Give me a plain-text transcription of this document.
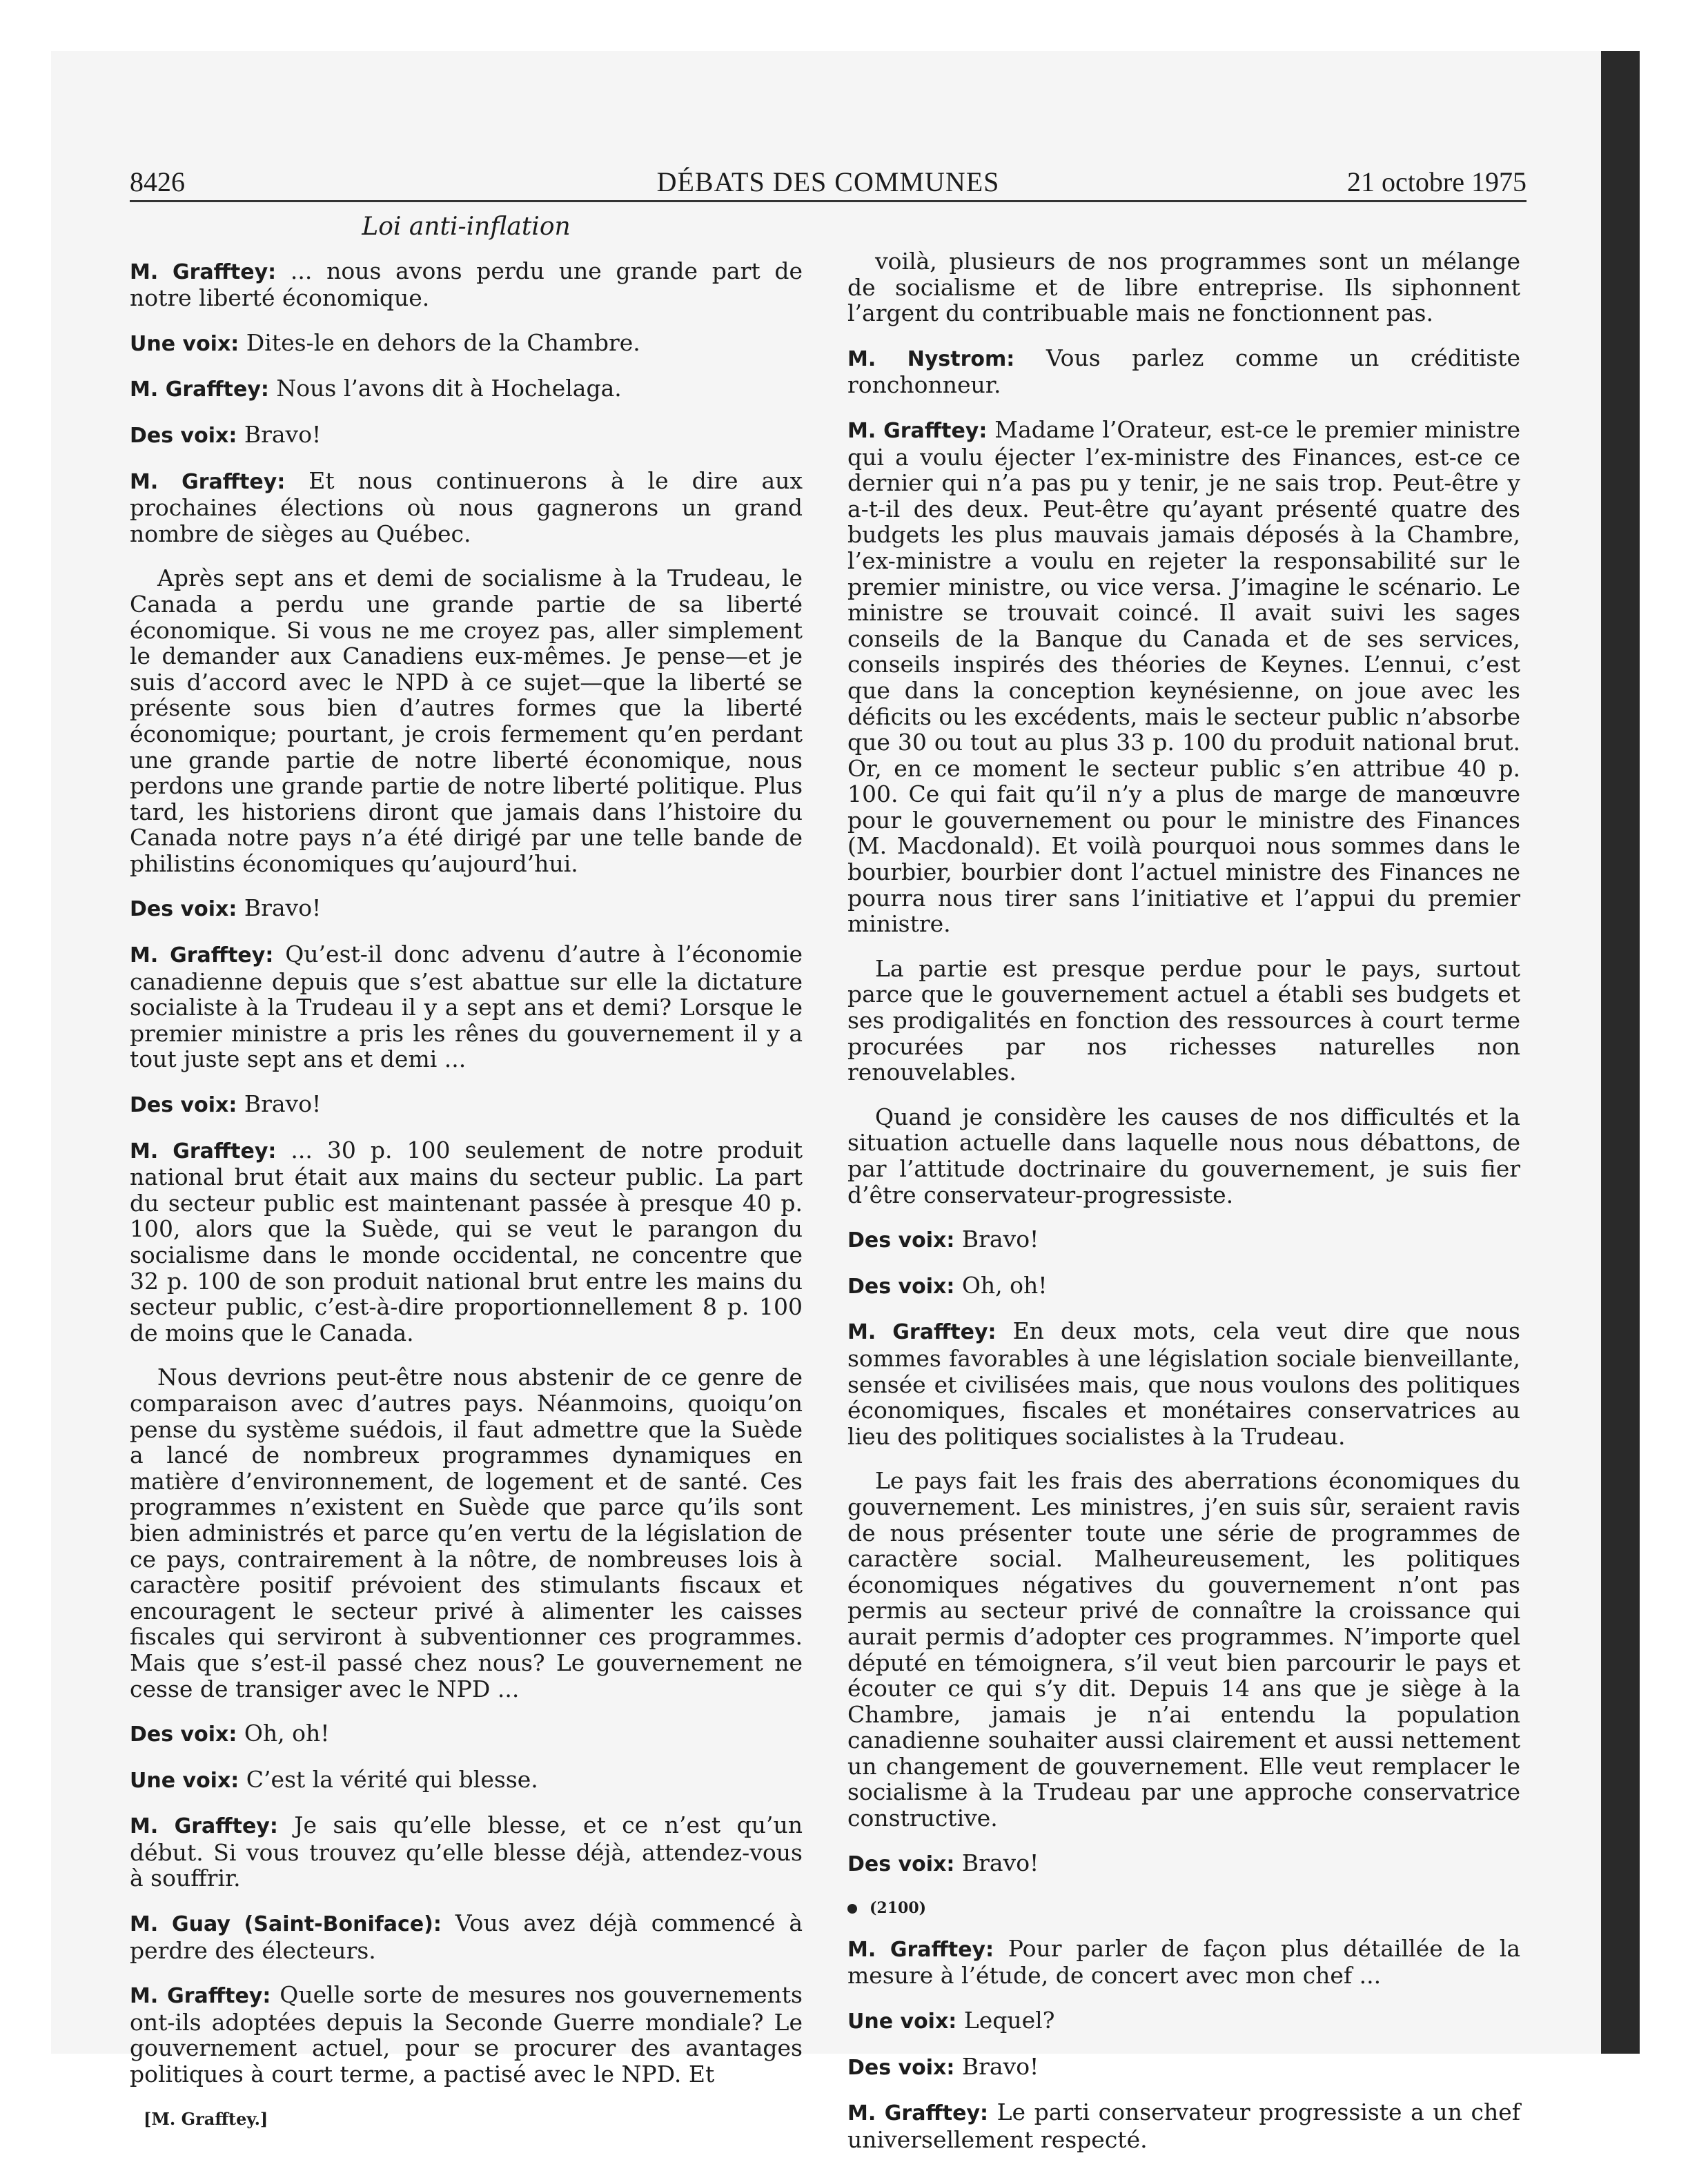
8426	DÉBATS DES COMMUNES	21 octobre 1975
Loi anti-inflation
M. Grafftey: ... nous avons perdu une grande part de notre liberté économique.
Une voix: Dites-le en dehors de la Chambre.
M. Grafftey: Nous l’avons dit à Hochelaga.
Des voix: Bravo!
M. Grafftey: Et nous continuerons à le dire aux prochaines élections où nous gagnerons un grand nombre de sièges au Québec.
Après sept ans et demi de socialisme à la Trudeau, le Canada a perdu une grande partie de sa liberté économique. Si vous ne me croyez pas, aller simplement le demander aux Canadiens eux-mêmes. Je pense—et je suis d’accord avec le NPD à ce sujet—que la liberté se présente sous bien d’autres formes que la liberté économique; pourtant, je crois fermement qu’en perdant une grande partie de notre liberté économique, nous perdons une grande partie de notre liberté politique. Plus tard, les historiens diront que jamais dans l’histoire du Canada notre pays n’a été dirigé par une telle bande de philistins économiques qu’aujourd’hui.
Des voix: Bravo!
M. Grafftey: Qu’est-il donc advenu d’autre à l’économie canadienne depuis que s’est abattue sur elle la dictature socialiste à la Trudeau il y a sept ans et demi? Lorsque le premier ministre a pris les rênes du gouvernement il y a tout juste sept ans et demi ...
Des voix: Bravo!
M. Grafftey: ... 30 p. 100 seulement de notre produit national brut était aux mains du secteur public. La part du secteur public est maintenant passée à presque 40 p. 100, alors que la Suède, qui se veut le parangon du socialisme dans le monde occidental, ne concentre que 32 p. 100 de son produit national brut entre les mains du secteur public, c’est-à-dire proportionnellement 8 p. 100 de moins que le Canada.
Nous devrions peut-être nous abstenir de ce genre de comparaison avec d’autres pays. Néanmoins, quoiqu’on pense du système suédois, il faut admettre que la Suède a lancé de nombreux programmes dynamiques en matière d’environnement, de logement et de santé. Ces programmes n’existent en Suède que parce qu’ils sont bien administrés et parce qu’en vertu de la législation de ce pays, contrairement à la nôtre, de nombreuses lois à caractère positif prévoient des stimulants fiscaux et encouragent le secteur privé à alimenter les caisses fiscales qui serviront à subventionner ces programmes. Mais que s’est-il passé chez nous? Le gouvernement ne cesse de transiger avec le NPD ...
Des voix: Oh, oh!
Une voix: C’est la vérité qui blesse.
M. Grafftey: Je sais qu’elle blesse, et ce n’est qu’un début. Si vous trouvez qu’elle blesse déjà, attendez-vous à souffrir.
M. Guay (Saint-Boniface): Vous avez déjà commencé à perdre des électeurs.
M. Grafftey: Quelle sorte de mesures nos gouvernements ont-ils adoptées depuis la Seconde Guerre mondiale? Le gouvernement actuel, pour se procurer des avantages politiques à court terme, a pactisé avec le NPD. Et
[M. Grafftey.]
voilà, plusieurs de nos programmes sont un mélange de socialisme et de libre entreprise. Ils siphonnent l’argent du contribuable mais ne fonctionnent pas.
M. Nystrom: Vous parlez comme un créditiste ronchonneur.
M. Grafftey: Madame l’Orateur, est-ce le premier ministre qui a voulu éjecter l’ex-ministre des Finances, est-ce ce dernier qui n’a pas pu y tenir, je ne sais trop. Peut-être y a-t-il des deux. Peut-être qu’ayant présenté quatre des budgets les plus mauvais jamais déposés à la Chambre, l’ex-ministre a voulu en rejeter la responsabilité sur le premier ministre, ou vice versa. J’imagine le scénario. Le ministre se trouvait coincé. Il avait suivi les sages conseils de la Banque du Canada et de ses services, conseils inspirés des théories de Keynes. L’ennui, c’est que dans la conception keynésienne, on joue avec les déficits ou les excédents, mais le secteur public n’absorbe que 30 ou tout au plus 33 p. 100 du produit national brut. Or, en ce moment le secteur public s’en attribue 40 p. 100. Ce qui fait qu’il n’y a plus de marge de manœuvre pour le gouvernement ou pour le ministre des Finances (M. Macdonald). Et voilà pourquoi nous sommes dans le bourbier, bourbier dont l’actuel ministre des Finances ne pourra nous tirer sans l’initiative et l’appui du premier ministre.
La partie est presque perdue pour le pays, surtout parce que le gouvernement actuel a établi ses budgets et ses prodigalités en fonction des ressources à court terme procurées par nos richesses naturelles non renouvelables.
Quand je considère les causes de nos difficultés et la situation actuelle dans laquelle nous nous débattons, de par l’attitude doctrinaire du gouvernement, je suis fier d’être conservateur-progressiste.
Des voix: Bravo!
Des voix: Oh, oh!
M. Grafftey: En deux mots, cela veut dire que nous sommes favorables à une législation sociale bienveillante, sensée et civilisées mais, que nous voulons des politiques économiques, fiscales et monétaires conservatrices au lieu des politiques socialistes à la Trudeau.
Le pays fait les frais des aberrations économiques du gouvernement. Les ministres, j’en suis sûr, seraient ravis de nous présenter toute une série de programmes de caractère social. Malheureusement, les politiques économiques négatives du gouvernement n’ont pas permis au secteur privé de connaître la croissance qui aurait permis d’adopter ces programmes. N’importe quel député en témoignera, s’il veut bien parcourir le pays et écouter ce qui s’y dit. Depuis 14 ans que je siège à la Chambre, jamais je n’ai entendu la population canadienne souhaiter aussi clairement et aussi nettement un changement de gouvernement. Elle veut remplacer le socialisme à la Trudeau par une approche conservatrice constructive.
Des voix: Bravo!
(2100)
M. Grafftey: Pour parler de façon plus détaillée de la mesure à l’étude, de concert avec mon chef ...
Une voix: Lequel?
Des voix: Bravo!
M. Grafftey: Le parti conservateur progressiste a un chef universellement respecté.
